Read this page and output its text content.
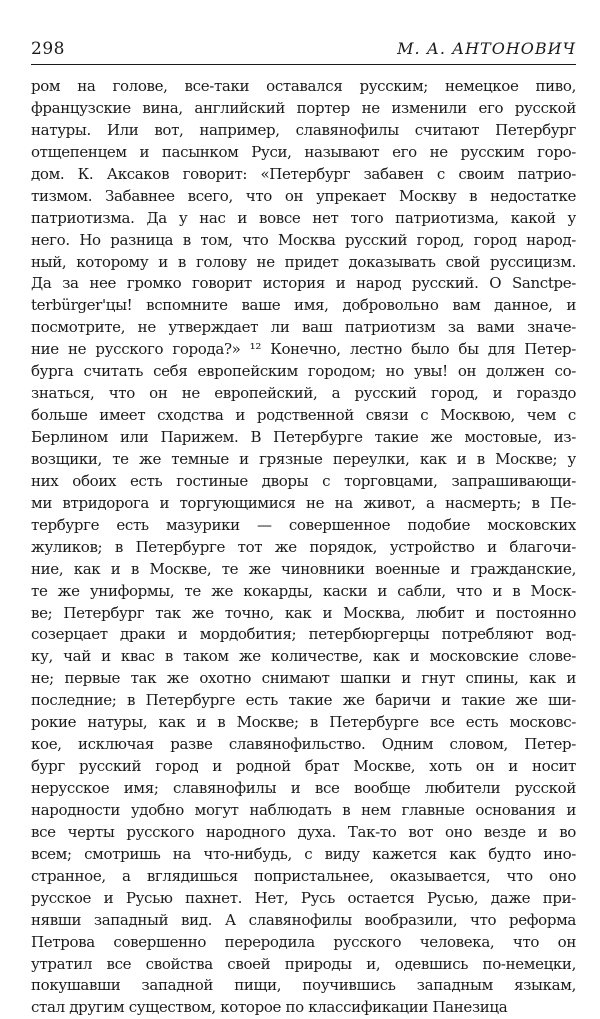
298	М. А. АНТОНОВИЧ
ром на голове, все-таки оставался русским; немецкое пиво,
французские вина, английский портер не изменили его русской
натуры. Или вот, например, славянофилы считают Петербург
отщепенцем и пасынком Руси, называют его не русским горо-
дом. К. Аксаков говорит: «Петербург забавен с своим патрио-
тизмом. Забавнее всего, что он упрекает Москву в недостатке
патриотизма. Да у нас и вовсе нет того патриотизма, какой у
него. Но разница в том, что Москва русский город, город народ-
ный, которому и в голову не придет доказывать свой руссицизм.
Да за нее громко говорит история и народ русский. О Sanctpe-
terbürger'цы! вспомните ваше имя, добровольно вам данное, и
посмотрите, не утверждает ли ваш патриотизм за вами значе-
ние не русского города?» ¹² Конечно, лестно было бы для Петер-
бурга считать себя европейским городом; но увы! он должен со-
знаться, что он не европейский, а русский город, и гораздо
больше имеет сходства и родственной связи с Москвою, чем с
Берлином или Парижем. В Петербурге такие же мостовые, из-
возщики, те же темные и грязные переулки, как и в Москве; у
них обоих есть гостиные дворы с торговцами, запрашивающи-
ми втридорога и торгующимися не на живот, а насмерть; в Пе-
тербурге есть мазурики — совершенное подобие московских
жуликов; в Петербурге тот же порядок, устройство и благочи-
ние, как и в Москве, те же чиновники военные и гражданские,
те же униформы, те же кокарды, каски и сабли, что и в Моск-
ве; Петербург так же точно, как и Москва, любит и постоянно
созерцает драки и мордобития; петербюргерцы потребляют вод-
ку, чай и квас в таком же количестве, как и московские слове-
не; первые так же охотно снимают шапки и гнут спины, как и
последние; в Петербурге есть такие же баричи и такие же ши-
рокие натуры, как и в Москве; в Петербурге все есть московс-
кое, исключая разве славянофильство. Одним словом, Петер-
бург русский город и родной брат Москве, хоть он и носит
нерусское имя; славянофилы и все вообще любители русской
народности удобно могут наблюдать в нем главные основания и
все черты русского народного духа. Так-то вот оно везде и во
всем; смотришь на что-нибудь, с виду кажется как будто ино-
странное, а вглядишься попристальнее, оказывается, что оно
русское и Русью пахнет. Нет, Русь остается Русью, даже при-
нявши западный вид. А славянофилы вообразили, что реформа
Петрова совершенно переродила русского человека, что он
утратил все свойства своей природы и, одевшись по-немецки,
покушавши западной пищи, поучившись западным языкам,
стал другим существом, которое по классификации Панезица
